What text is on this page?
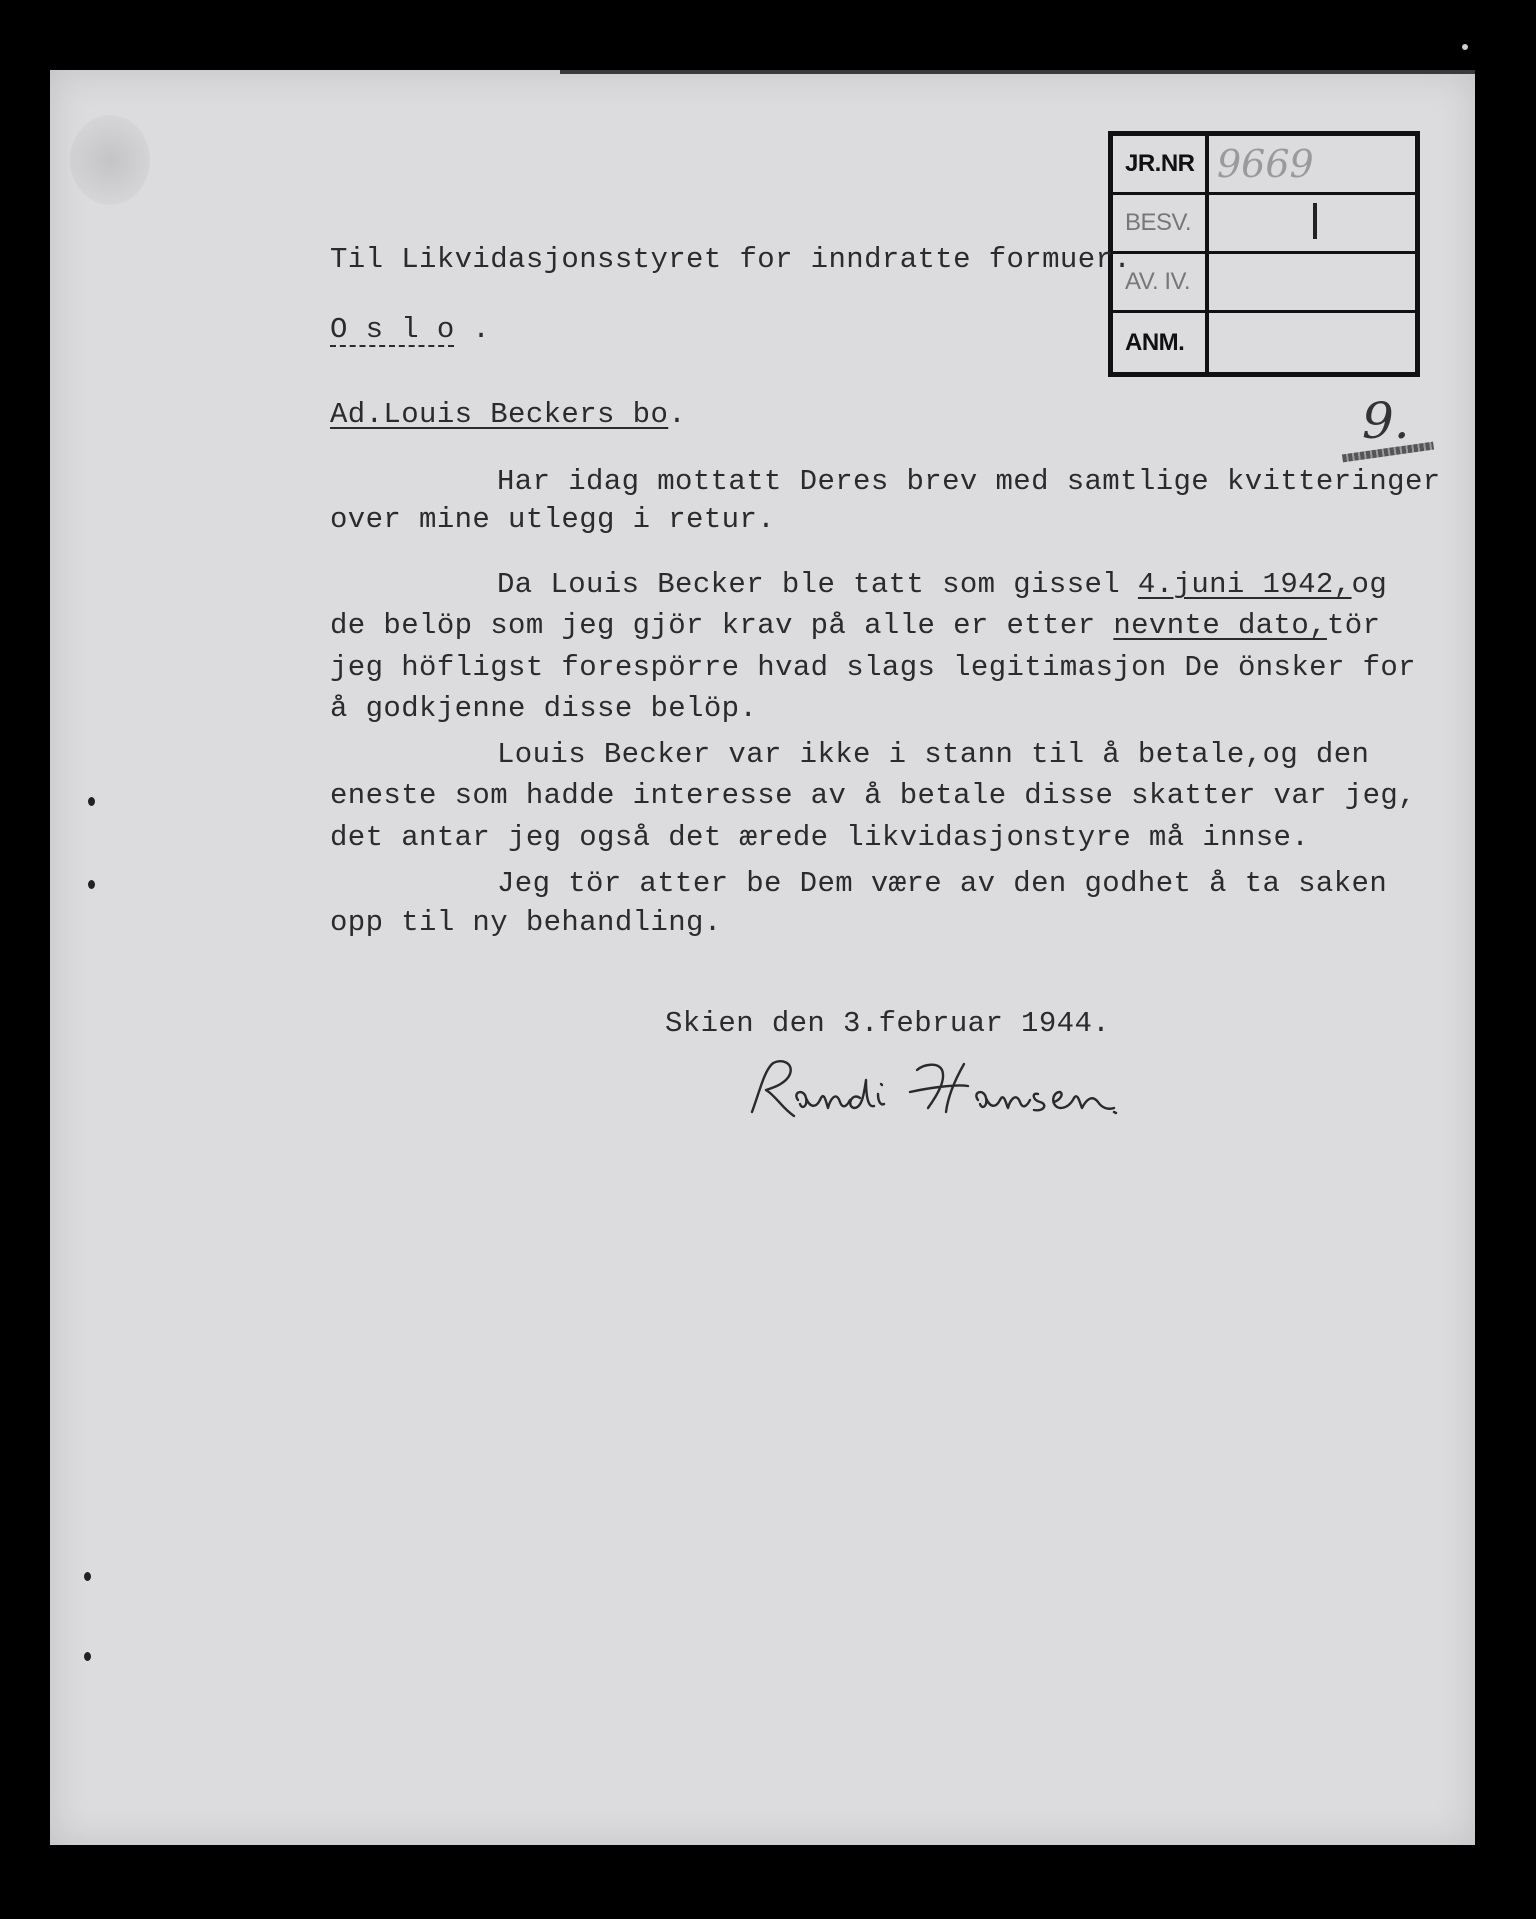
JR.NR 9669
BESV.
AV. IV.
ANM.
9.
Til Likvidasjonsstyret for inndratte formuer.
O s l o .
Ad.Louis Beckers bo.
Har idag mottatt Deres brev med samtlige kvitteringer
over mine utlegg i retur.
Da Louis Becker ble tatt som gissel 4.juni 1942,og
de belöp som jeg gjör krav på alle er etter nevnte dato,tör
jeg höfligst forespörre hvad slags legitimasjon De önsker for
å godkjenne disse belöp.
Louis Becker var ikke i stann til å betale,og den
eneste som hadde interesse av å betale disse skatter var jeg,
det antar jeg også det ærede likvidasjonstyre må innse.
Jeg tör atter be Dem være av den godhet å ta saken
opp til ny behandling.
Skien den 3.februar 1944.
